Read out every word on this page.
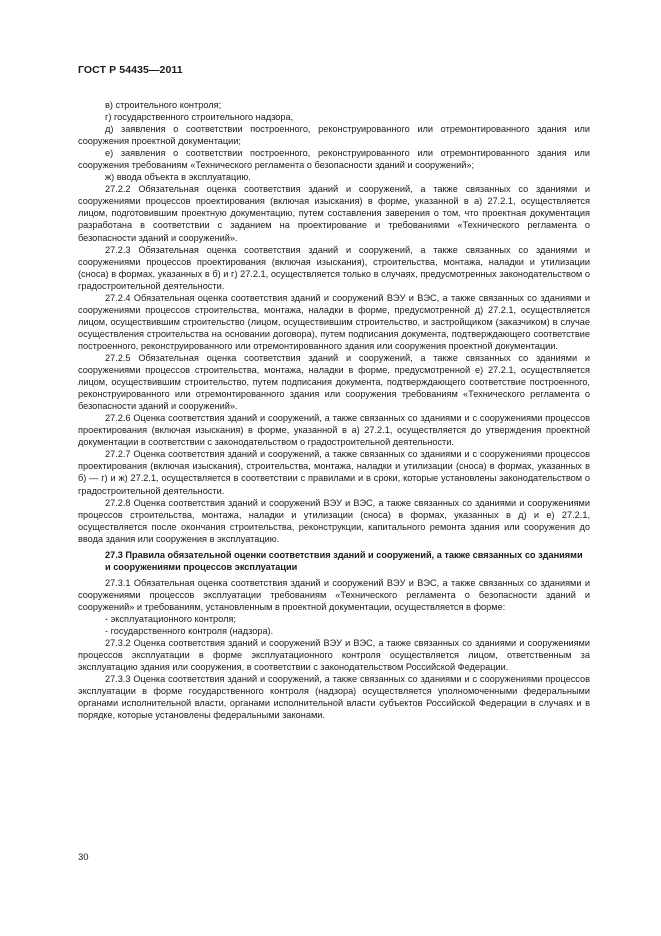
ГОСТ Р 54435—2011

в) строительного контроля;

г) государственного строительного надзора,

д) заявления о соответствии построенного, реконструированного или отремонтированного здания или сооружения проектной документации;

е) заявления о соответствии построенного, реконструированного или отремонтированного здания или сооружения требованиям «Технического регламента о безопасности зданий и сооружений»;

ж) ввода объекта в эксплуатацию.

27.2.2 Обязательная оценка соответствия зданий и сооружений, а также связанных со зданиями и сооружениями процессов проектирования (включая изыскания) в форме, указанной в а) 27.2.1, осуществляется лицом, подготовившим проектную документацию, путем составления заверения о том, что проектная документация разработана в соответствии с заданием на проектирование и требованиями «Технического регламента о безопасности зданий и сооружений».

27.2.3 Обязательная оценка соответствия зданий и сооружений, а также связанных со зданиями и сооружениями процессов проектирования (включая изыскания), строительства, монтажа, наладки и утилизации (сноса) в формах, указанных в б) и г) 27.2.1, осуществляется только в случаях, предусмотренных законодательством о градостроительной деятельности.

27.2.4 Обязательная оценка соответствия зданий и сооружений ВЭУ и ВЭС, а также связанных со зданиями и сооружениями процессов строительства, монтажа, наладки в форме, предусмотренной д) 27.2.1, осуществляется лицом, осуществившим строительство (лицом, осуществившим строительство, и застройщиком (заказчиком) в случае осуществления строительства на основании договора), путем подписания документа, подтверждающего соответствие построенного, реконструированного или отремонтированного здания или сооружения проектной документации.

27.2.5 Обязательная оценка соответствия зданий и сооружений, а также связанных со зданиями и сооружениями процессов строительства, монтажа, наладки в форме, предусмотренной е) 27.2.1, осуществляется лицом, осуществившим строительство, путем подписания документа, подтверждающего соответствие построенного, реконструированного или отремонтированного здания или сооружения требованиям «Технического регламента о безопасности зданий и сооружений».

27.2.6 Оценка соответствия зданий и сооружений, а также связанных со зданиями и с сооружениями процессов проектирования (включая изыскания) в форме, указанной в а) 27.2.1, осуществляется до утверждения проектной документации в соответствии с законодательством о градостроительной деятельности.

27.2.7 Оценка соответствия зданий и сооружений, а также связанных со зданиями и с сооружениями процессов проектирования (включая изыскания), строительства, монтажа, наладки и утилизации (сноса) в формах, указанных в б) — г) и ж) 27.2.1, осуществляется в соответствии с правилами и в сроки, которые установлены законодательством о градостроительной деятельности.

27.2.8 Оценка соответствия зданий и сооружений ВЭУ и ВЭС, а также связанных со зданиями и сооружениями процессов строительства, монтажа, наладки и утилизации (сноса) в формах, указанных в д) и е) 27.2.1, осуществляется после окончания строительства, реконструкции, капитального ремонта здания или сооружения до ввода здания или сооружения в эксплуатацию.

27.3 Правила обязательной оценки соответствия зданий и сооружений, а также связанных со зданиями и сооружениями процессов эксплуатации

27.3.1 Обязательная оценка соответствия зданий и сооружений ВЭУ и ВЭС, а также связанных со зданиями и сооружениями процессов эксплуатации требованиям «Технического регламента о безопасности зданий и сооружений» и требованиям, установленным в проектной документации, осуществляется в форме:

- эксплуатационного контроля;

- государственного контроля (надзора).

27.3.2 Оценка соответствия зданий и сооружений ВЭУ и ВЭС, а также связанных со зданиями и сооружениями процессов эксплуатации в форме эксплуатационного контроля осуществляется лицом, ответственным за эксплуатацию здания или сооружения, в соответствии с законодательством Российской Федерации.

27.3.3 Оценка соответствия зданий и сооружений, а также связанных со зданиями и с сооружениями процессов эксплуатации в форме государственного контроля (надзора) осуществляется уполномоченными федеральными органами исполнительной власти, органами исполнительной власти субъектов Российской Федерации в случаях и в порядке, которые установлены федеральными законами.

30
